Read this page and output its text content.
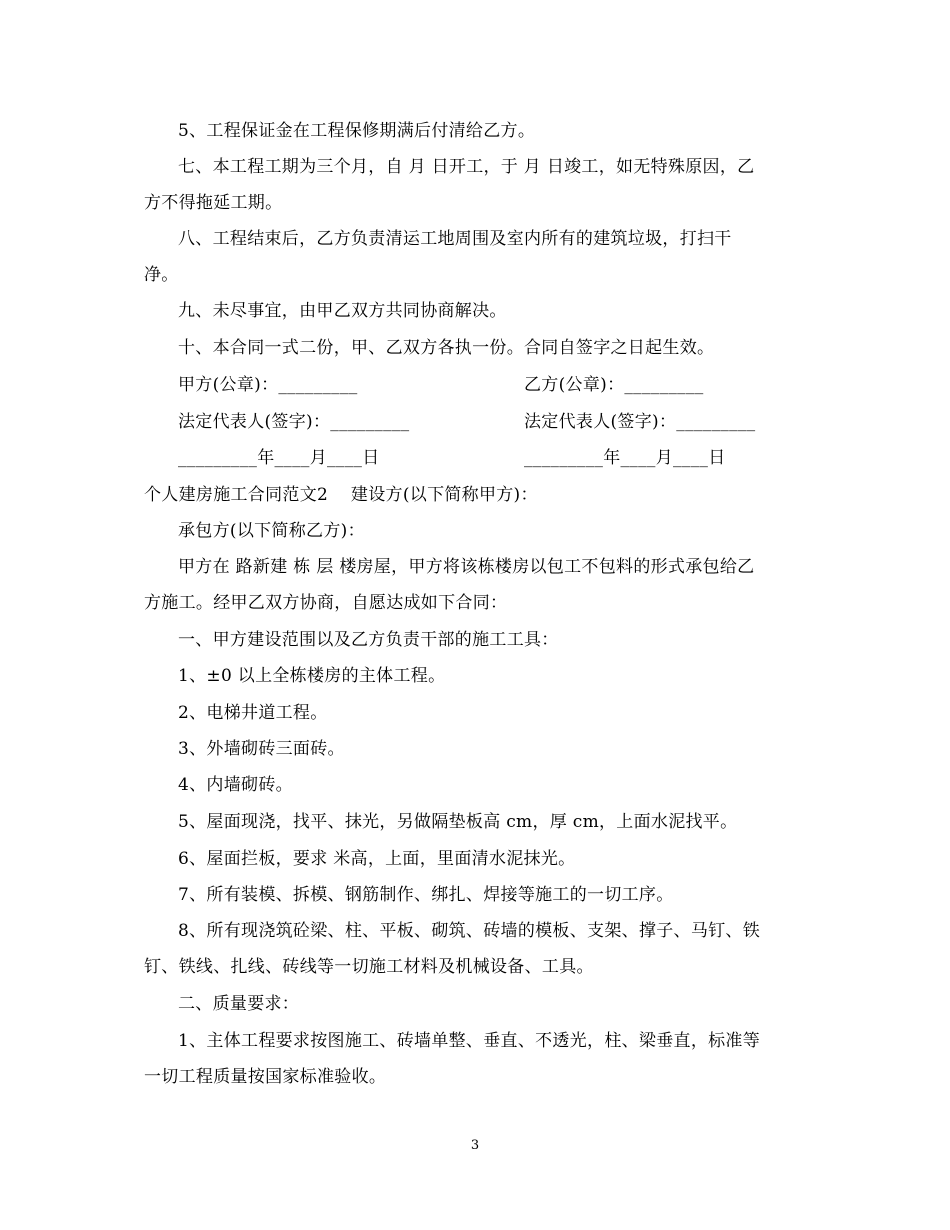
5、工程保证金在工程保修期满后付清给乙方。
七、本工程工期为三个月，自 月 日开工，于 月 日竣工，如无特殊原因，乙
方不得拖延工期。
八、工程结束后，乙方负责清运工地周围及室内所有的建筑垃圾，打扫干
净。
九、未尽事宜，由甲乙双方共同协商解决。
十、本合同一式二份，甲、乙双方各执一份。合同自签字之日起生效。
甲方(公章)：_________	乙方(公章)：_________
法定代表人(签字)：_________	法定代表人(签字)：_________
_________年____月____日	_________年____月____日
个人建房施工合同范文2    建设方(以下简称甲方)：
承包方(以下简称乙方)：
甲方在 路新建 栋 层 楼房屋，甲方将该栋楼房以包工不包料的形式承包给乙
方施工。经甲乙双方协商，自愿达成如下合同：
一、甲方建设范围以及乙方负责干部的施工工具：
1、±0 以上全栋楼房的主体工程。
2、电梯井道工程。
3、外墙砌砖三面砖。
4、内墙砌砖。
5、屋面现浇，找平、抹光，另做隔垫板高 cm，厚 cm，上面水泥找平。
6、屋面拦板，要求 米高，上面，里面清水泥抹光。
7、所有装模、拆模、钢筋制作、绑扎、焊接等施工的一切工序。
8、所有现浇筑砼梁、柱、平板、砌筑、砖墙的模板、支架、撑子、马钉、铁
钉、铁线、扎线、砖线等一切施工材料及机械设备、工具。
二、质量要求：
1、主体工程要求按图施工、砖墙单整、垂直、不透光，柱、梁垂直，标准等
一切工程质量按国家标准验收。
3
